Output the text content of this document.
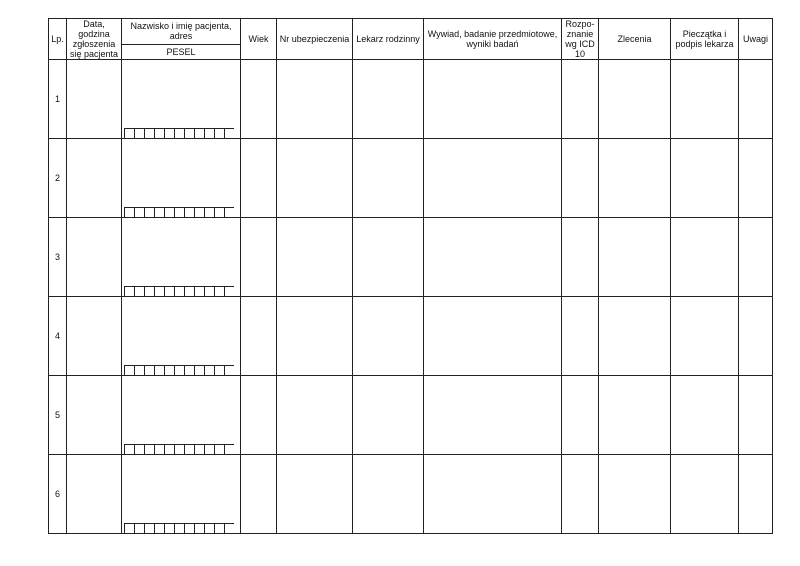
Lp.	Data, godzina zgłoszenia się pacjenta	Nazwisko i imię pacjenta, adres
PESEL	Wiek	Nr ubezpieczenia	Lekarz rodzinny	Wywiad, badanie przedmiotowe, wyniki badań	Rozpo-znanie wg ICD 10	Zlecenia	Pieczątka i podpis lekarza	Uwagi
1		

2		

3		

4		

5		

6		
